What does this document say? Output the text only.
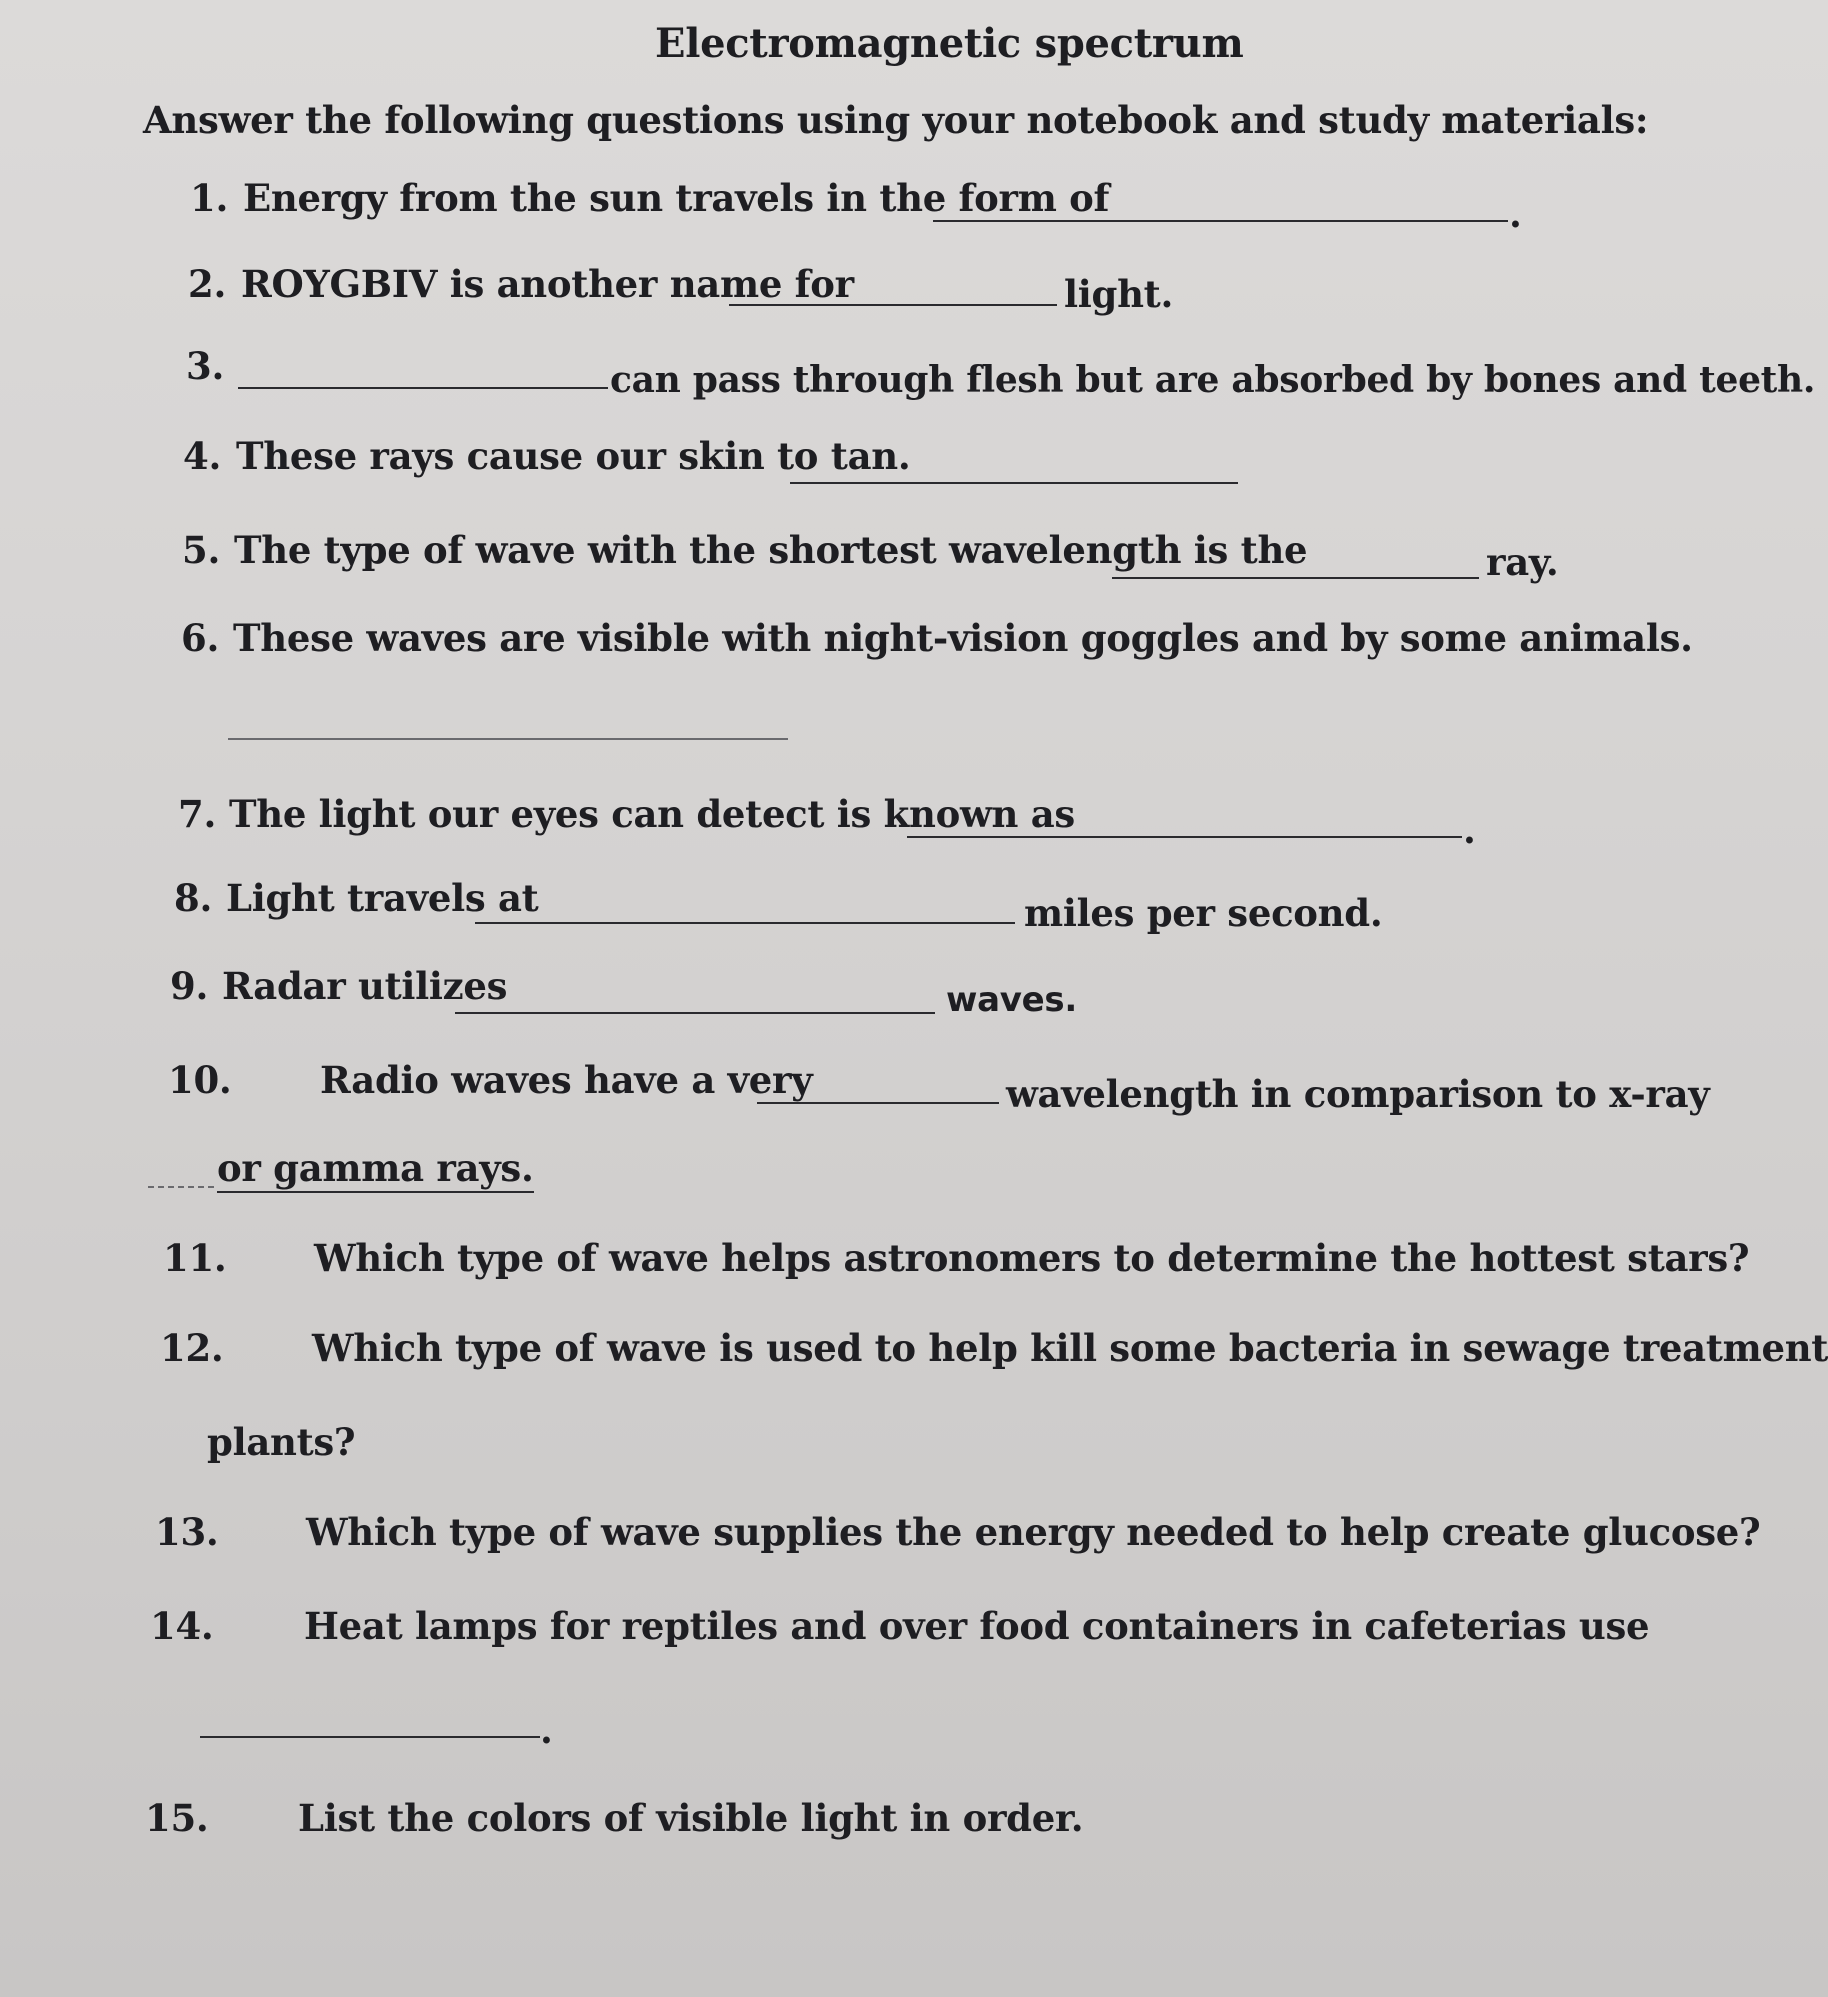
Electromagnetic spectrum
Answer the following questions using your notebook and study materials:
1. Energy from the sun travels in the form of	.
2. ROYGBIV is another name for	light.
3.	can pass through flesh but are absorbed by bones and teeth.
4. These rays cause our skin to tan.
5. The type of wave with the shortest wavelength is the	ray.
6. These waves are visible with night-vision goggles and by some animals.
7. The light our eyes can detect is known as	.
8. Light travels at	miles per second.
9. Radar utilizes	waves.
10. Radio waves have a very	wavelength in comparison to x-ray
or gamma rays.
11. Which type of wave helps astronomers to determine the hottest stars?
12. Which type of wave is used to help kill some bacteria in sewage treatment
plants?
13. Which type of wave supplies the energy needed to help create glucose?
14. Heat lamps for reptiles and over food containers in cafeterias use
.
15. List the colors of visible light in order.
